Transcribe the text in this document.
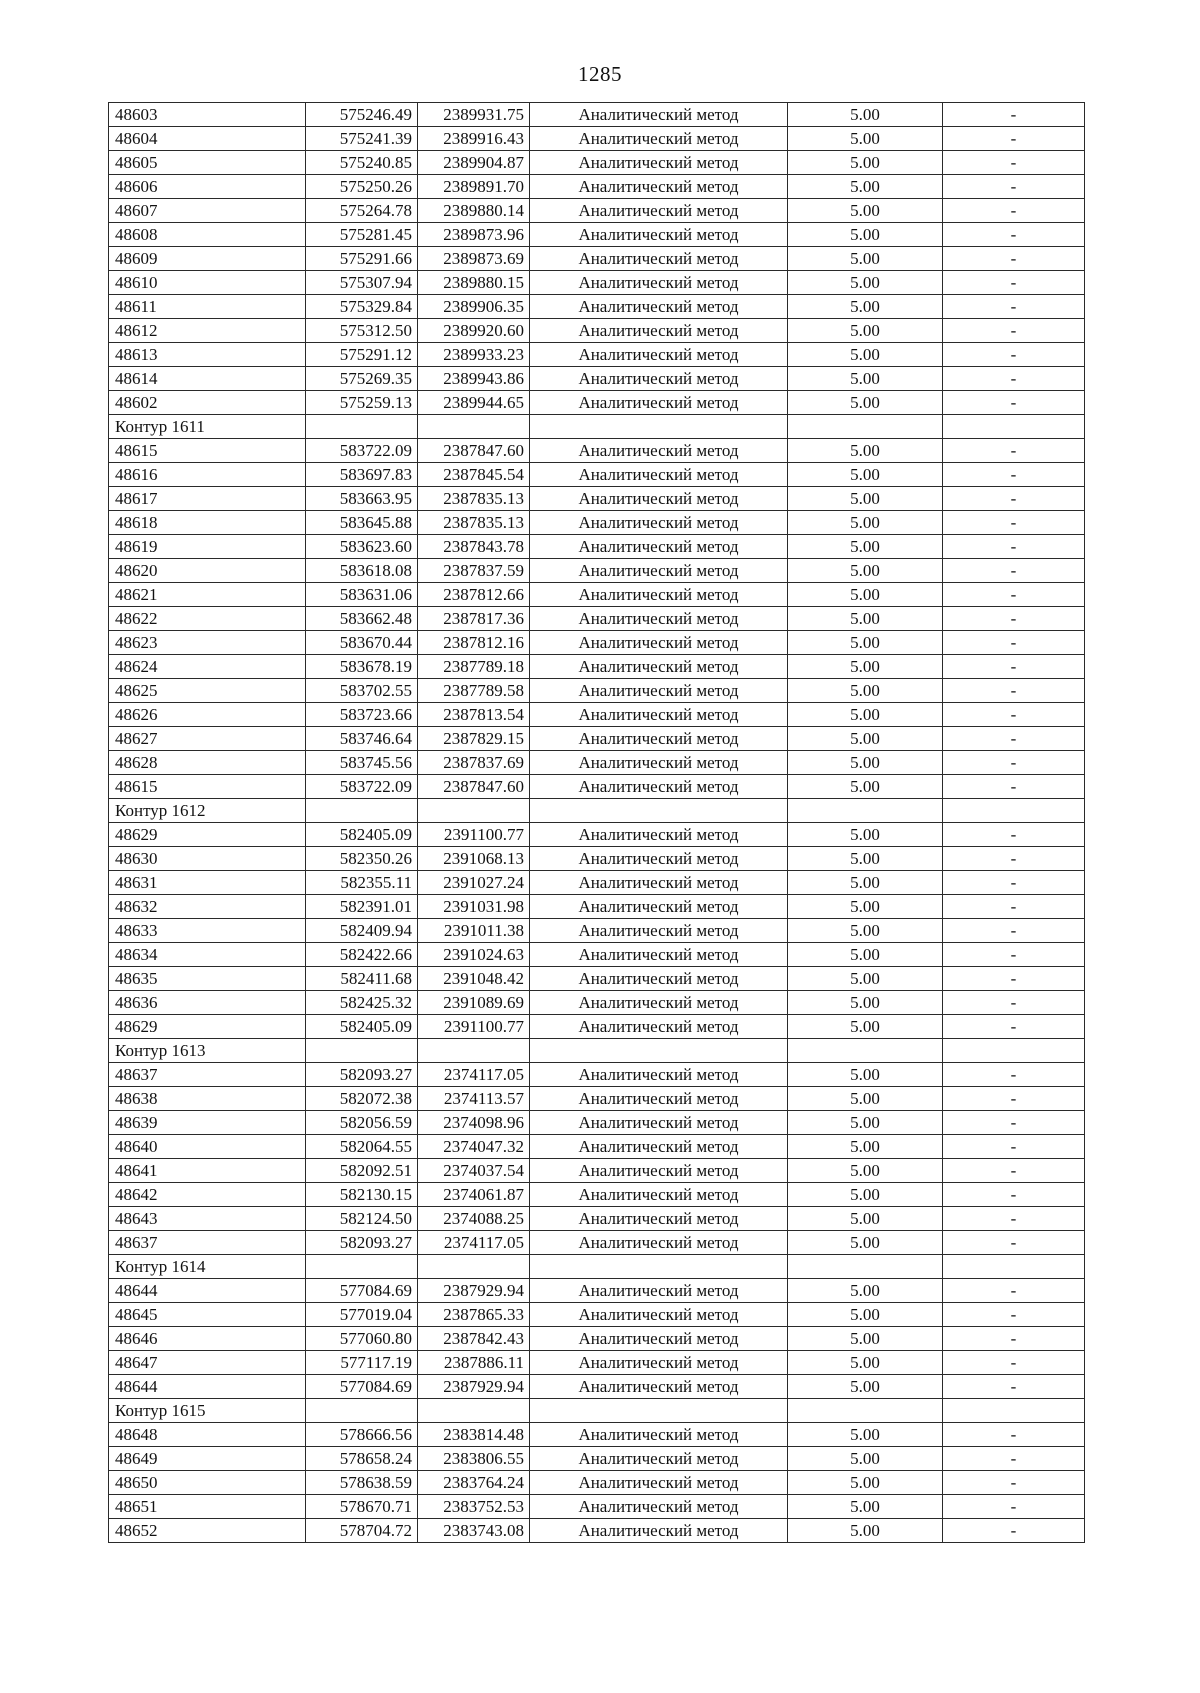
1285
48603	575246.49	2389931.75	Аналитический метод	5.00	-
48604	575241.39	2389916.43	Аналитический метод	5.00	-
48605	575240.85	2389904.87	Аналитический метод	5.00	-
48606	575250.26	2389891.70	Аналитический метод	5.00	-
48607	575264.78	2389880.14	Аналитический метод	5.00	-
48608	575281.45	2389873.96	Аналитический метод	5.00	-
48609	575291.66	2389873.69	Аналитический метод	5.00	-
48610	575307.94	2389880.15	Аналитический метод	5.00	-
48611	575329.84	2389906.35	Аналитический метод	5.00	-
48612	575312.50	2389920.60	Аналитический метод	5.00	-
48613	575291.12	2389933.23	Аналитический метод	5.00	-
48614	575269.35	2389943.86	Аналитический метод	5.00	-
48602	575259.13	2389944.65	Аналитический метод	5.00	-
Контур 1611					
48615	583722.09	2387847.60	Аналитический метод	5.00	-
48616	583697.83	2387845.54	Аналитический метод	5.00	-
48617	583663.95	2387835.13	Аналитический метод	5.00	-
48618	583645.88	2387835.13	Аналитический метод	5.00	-
48619	583623.60	2387843.78	Аналитический метод	5.00	-
48620	583618.08	2387837.59	Аналитический метод	5.00	-
48621	583631.06	2387812.66	Аналитический метод	5.00	-
48622	583662.48	2387817.36	Аналитический метод	5.00	-
48623	583670.44	2387812.16	Аналитический метод	5.00	-
48624	583678.19	2387789.18	Аналитический метод	5.00	-
48625	583702.55	2387789.58	Аналитический метод	5.00	-
48626	583723.66	2387813.54	Аналитический метод	5.00	-
48627	583746.64	2387829.15	Аналитический метод	5.00	-
48628	583745.56	2387837.69	Аналитический метод	5.00	-
48615	583722.09	2387847.60	Аналитический метод	5.00	-
Контур 1612					
48629	582405.09	2391100.77	Аналитический метод	5.00	-
48630	582350.26	2391068.13	Аналитический метод	5.00	-
48631	582355.11	2391027.24	Аналитический метод	5.00	-
48632	582391.01	2391031.98	Аналитический метод	5.00	-
48633	582409.94	2391011.38	Аналитический метод	5.00	-
48634	582422.66	2391024.63	Аналитический метод	5.00	-
48635	582411.68	2391048.42	Аналитический метод	5.00	-
48636	582425.32	2391089.69	Аналитический метод	5.00	-
48629	582405.09	2391100.77	Аналитический метод	5.00	-
Контур 1613					
48637	582093.27	2374117.05	Аналитический метод	5.00	-
48638	582072.38	2374113.57	Аналитический метод	5.00	-
48639	582056.59	2374098.96	Аналитический метод	5.00	-
48640	582064.55	2374047.32	Аналитический метод	5.00	-
48641	582092.51	2374037.54	Аналитический метод	5.00	-
48642	582130.15	2374061.87	Аналитический метод	5.00	-
48643	582124.50	2374088.25	Аналитический метод	5.00	-
48637	582093.27	2374117.05	Аналитический метод	5.00	-
Контур 1614					
48644	577084.69	2387929.94	Аналитический метод	5.00	-
48645	577019.04	2387865.33	Аналитический метод	5.00	-
48646	577060.80	2387842.43	Аналитический метод	5.00	-
48647	577117.19	2387886.11	Аналитический метод	5.00	-
48644	577084.69	2387929.94	Аналитический метод	5.00	-
Контур 1615					
48648	578666.56	2383814.48	Аналитический метод	5.00	-
48649	578658.24	2383806.55	Аналитический метод	5.00	-
48650	578638.59	2383764.24	Аналитический метод	5.00	-
48651	578670.71	2383752.53	Аналитический метод	5.00	-
48652	578704.72	2383743.08	Аналитический метод	5.00	-
